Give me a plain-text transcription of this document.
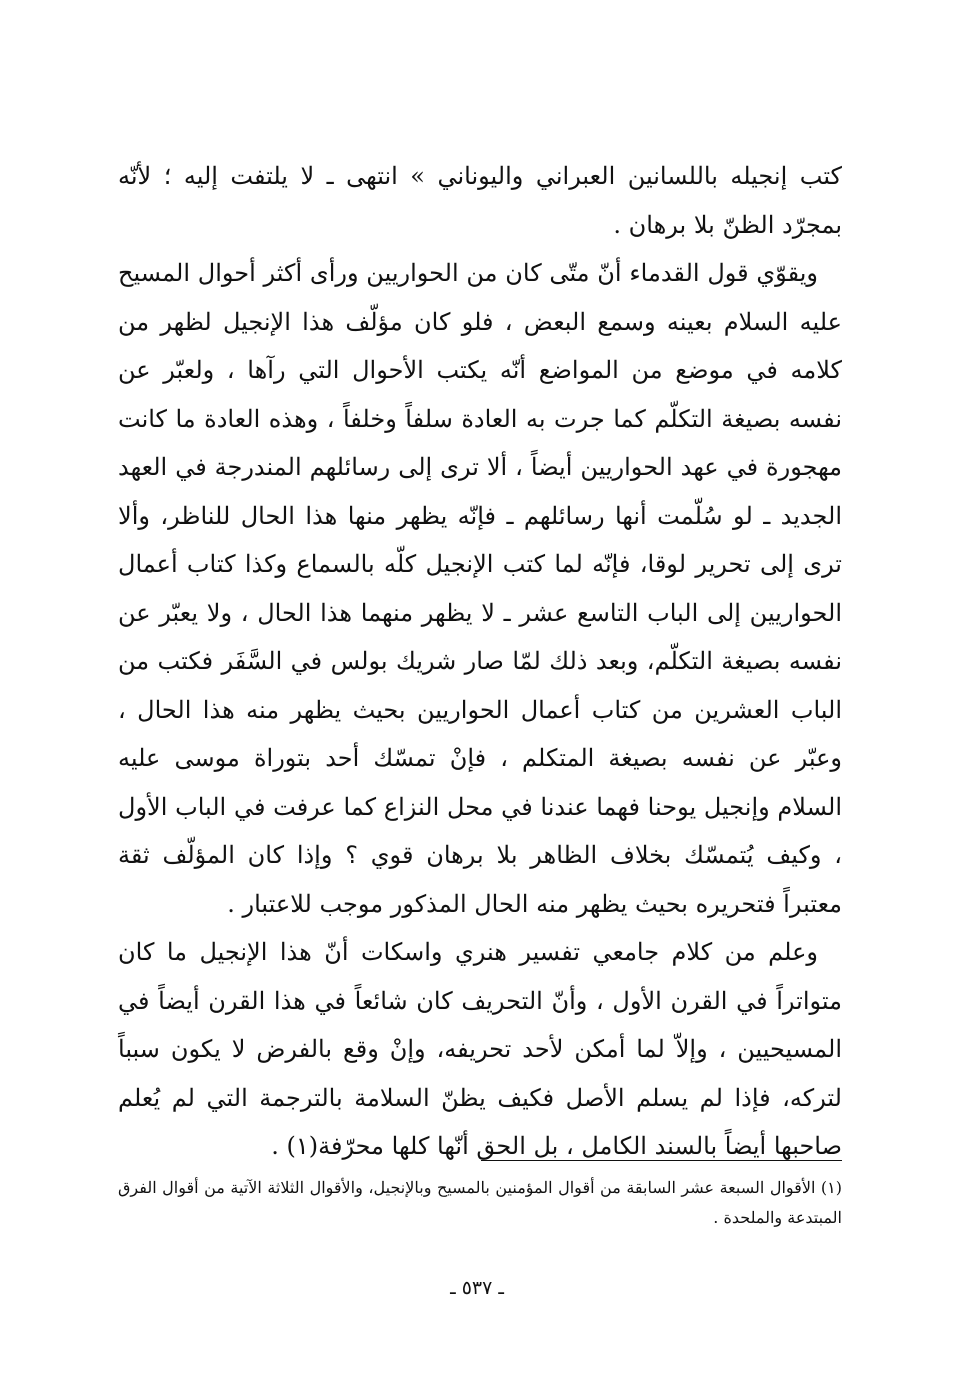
كتب إنجيله باللسانين العبراني واليوناني » انتهى ـ لا يلتفت إليه ؛ لأنّه بمجرّد الظنّ بلا برهان .

ويقوّي قول القدماء أنّ متّى كان من الحواريين ورأى أكثر أحوال المسيح عليه السلام بعينه وسمع البعض ، فلو كان مؤلّف هذا الإنجيل لظهر من كلامه في موضع من المواضع أنّه يكتب الأحوال التي رآها ، ولعبّر عن نفسه بصيغة التكلّم كما جرت به العادة سلفاً وخلفاً ، وهذه العادة ما كانت مهجورة في عهد الحواريين أيضاً ، ألا ترى إلى رسائلهم المندرجة في العهد الجديد ـ لو سُلّمت أنها رسائلهم ـ فإنّه يظهر منها هذا الحال للناظر، وألا ترى إلى تحرير لوقا، فإنّه لما كتب الإنجيل كلّه بالسماع وكذا كتاب أعمال الحواريين إلى الباب التاسع عشر ـ لا يظهر منهما هذا الحال ، ولا يعبّر عن نفسه بصيغة التكلّم، وبعد ذلك لمّا صار شريك بولس في السَّفَر فكتب من الباب العشرين من كتاب أعمال الحواريين بحيث يظهر منه هذا الحال ، وعبّر عن نفسه بصيغة المتكلم ، فإنْ تمسّك أحد بتوراة موسى عليه السلام وإنجيل يوحنا فهما عندنا في محل النزاع كما عرفت في الباب الأول ، وكيف يُتمسّك بخلاف الظاهر بلا برهان قوي ؟ وإذا كان المؤلّف ثقة معتبراً فتحريره بحيث يظهر منه الحال المذكور موجب للاعتبار .

وعلم من كلام جامعي تفسير هنري واسكات أنّ هذا الإنجيل ما كان متواتراً في القرن الأول ، وأنّ التحريف كان شائعاً في هذا القرن أيضاً في المسيحيين ، وإلاّ لما أمكن لأحد تحريفه، وإنْ وقع بالفرض لا يكون سبباً لتركه، فإذا لم يسلم الأصل فكيف يظنّ السلامة بالترجمة التي لم يُعلم صاحبها أيضاً بالسند الكامل ، بل الحق أنّها كلها محرّفة(١) .

(١) الأقوال السبعة عشر السابقة من أقوال المؤمنين بالمسيح وبالإنجيل، والأقوال الثلاثة الآتية من أقوال الفرق المبتدعة والملحدة .
ـ ٥٣٧ ـ
